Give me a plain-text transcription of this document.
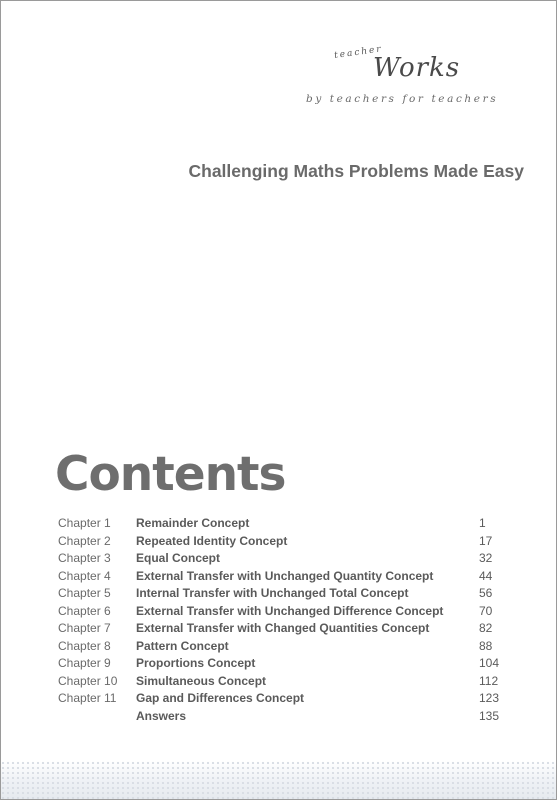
teacher
Works
by teachers for teachers
Challenging Maths Problems Made Easy
Contents
Chapter 1 Remainder Concept	1
Chapter 2 Repeated Identity Concept	17
Chapter 3 Equal Concept	32
Chapter 4 External Transfer with Unchanged Quantity Concept	44
Chapter 5 Internal Transfer with Unchanged Total Concept	56
Chapter 6 External Transfer with Unchanged Difference Concept	70
Chapter 7 External Transfer with Changed Quantities Concept	82
Chapter 8 Pattern Concept	88
Chapter 9 Proportions Concept	104
Chapter 10 Simultaneous Concept	112
Chapter 11 Gap and Differences Concept	123
Answers	135
